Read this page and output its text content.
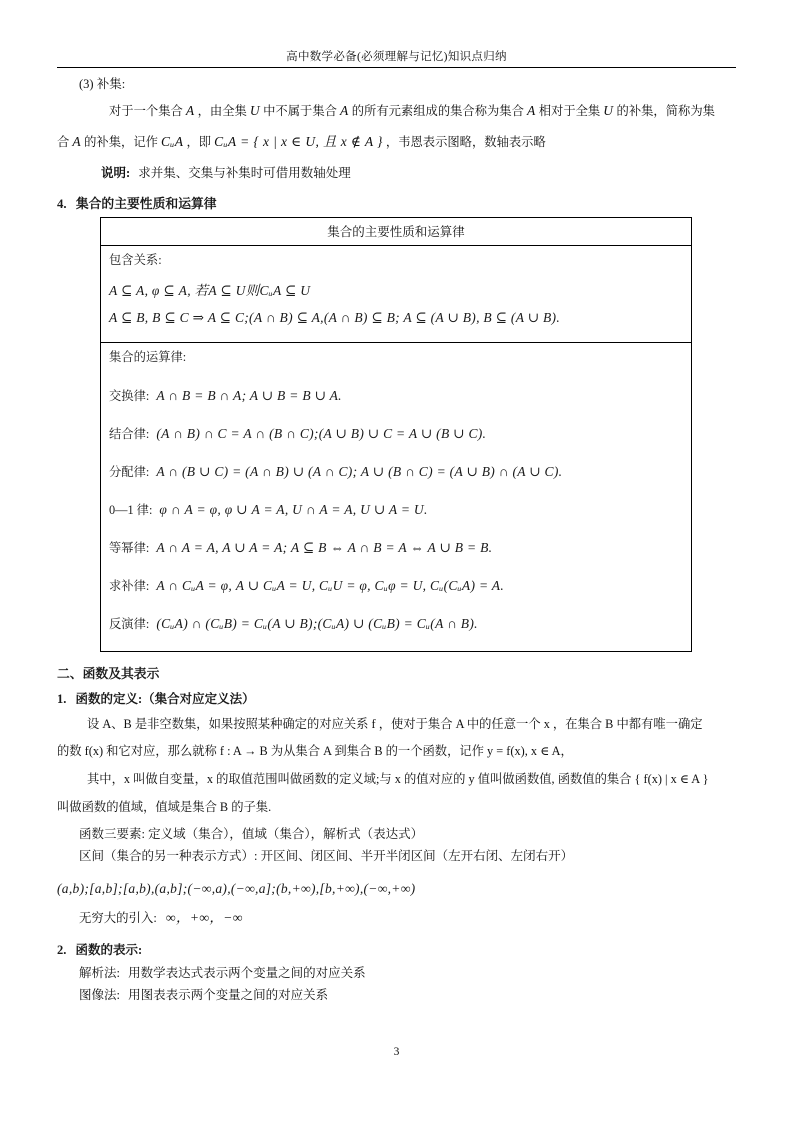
高中数学必备(必须理解与记忆)知识点归纳
(3) 补集:
对于一个集合 A ，由全集 U 中不属于集合 A 的所有元素组成的集合称为集合 A 相对于全集 U 的补集，简称为集
合 A 的补集，记作 CᵤA ，即 CᵤA = { x | x ∈ U, 且 x ∉ A } ，韦恩表示图略，数轴表示略
说明: 求并集、交集与补集时可借用数轴处理
4. 集合的主要性质和运算律
集合的主要性质和运算律

包含关系:
A ⊆ A, φ ⊆ A, 若A ⊆ U则CᵤA ⊆ U
A ⊆ B, B ⊆ C ⇒ A ⊆ C;(A ∩ B) ⊆ A,(A ∩ B) ⊆ B; A ⊆ (A ∪ B), B ⊆ (A ∪ B).

集合的运算律:
交换律: A ∩ B = B ∩ A; A ∪ B = B ∪ A.
结合律: (A ∩ B) ∩ C = A ∩ (B ∩ C);(A ∪ B) ∪ C = A ∪ (B ∪ C).
分配律: A ∩ (B ∪ C) = (A ∩ B) ∪ (A ∩ C); A ∪ (B ∩ C) = (A ∪ B) ∩ (A ∪ C).
0—1 律: φ ∩ A = φ, φ ∪ A = A, U ∩ A = A, U ∪ A = U.
等幂律: A ∩ A = A, A ∪ A = A; A ⊆ B ⇔ A ∩ B = A ⇔ A ∪ B = B.
求补律: A ∩ CᵤA = φ, A ∪ CᵤA = U, CᵤU = φ, Cᵤφ = U, Cᵤ(CᵤA) = A.
反演律: (CᵤA) ∩ (CᵤB) = Cᵤ(A ∪ B);(CᵤA) ∪ (CᵤB) = Cᵤ(A ∩ B).
二、函数及其表示
1. 函数的定义:（集合对应定义法）
设 A、B 是非空数集，如果按照某种确定的对应关系 f ，使对于集合 A 中的任意一个 x ，在集合 B 中都有唯一确定
的数 f(x) 和它对应，那么就称 f : A → B 为从集合 A 到集合 B 的一个函数，记作 y = f(x), x ∈ A，
其中，x 叫做自变量，x 的取值范围叫做函数的定义域;与 x 的值对应的 y 值叫做函数值, 函数值的集合 { f(x) | x ∈ A }
叫做函数的值域，值域是集合 B 的子集.
函数三要素: 定义域（集合），值域（集合），解析式（表达式）
区间（集合的另一种表示方式）: 开区间、闭区间、半开半闭区间（左开右闭、左闭右开）
(a,b);[a,b];[a,b),(a,b];(−∞,a),(−∞,a];(b,+∞),[b,+∞),(−∞,+∞)
无穷大的引入: ∞，+∞，−∞
2. 函数的表示:
解析法: 用数学表达式表示两个变量之间的对应关系
图像法: 用图表表示两个变量之间的对应关系
3
